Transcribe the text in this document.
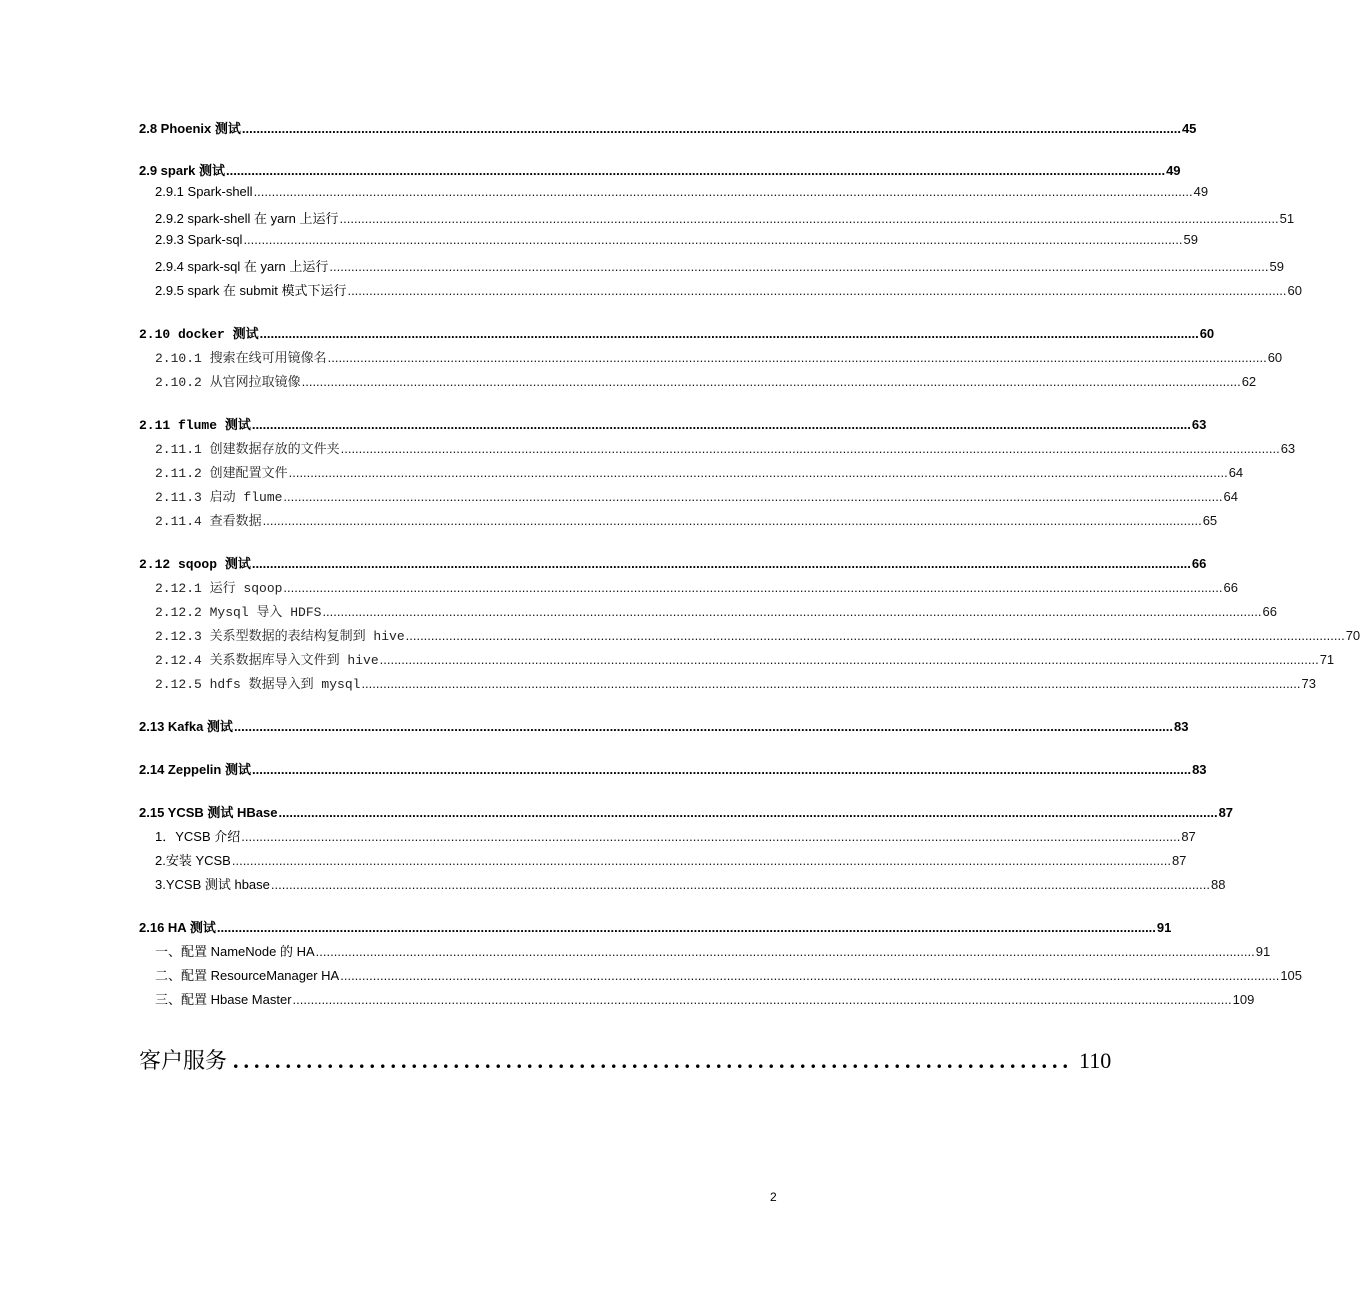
2.8 Phoenix 测试 .................................................................................................................................................................................................................................................................... 45
2.9 spark 测试 .................................................................................................................................................................................................................................................................... 49
2.9.1 Spark-shell .................................................................................................................................................................................................................................................................... 49
2.9.2 spark-shell 在 yarn 上运行 .................................................................................................................................................................................................................................................................... 51
2.9.3 Spark-sql .................................................................................................................................................................................................................................................................... 59
2.9.4 spark-sql 在 yarn 上运行 .................................................................................................................................................................................................................................................................... 59
2.9.5 spark 在 submit 模式下运行 .................................................................................................................................................................................................................................................................... 60
2.10 docker 测试 .................................................................................................................................................................................................................................................................... 60
2.10.1 搜索在线可用镜像名 .................................................................................................................................................................................................................................................................... 60
2.10.2 从官网拉取镜像 .................................................................................................................................................................................................................................................................... 62
2.11 flume 测试 .................................................................................................................................................................................................................................................................... 63
2.11.1 创建数据存放的文件夹 .................................................................................................................................................................................................................................................................... 63
2.11.2 创建配置文件 .................................................................................................................................................................................................................................................................... 64
2.11.3 启动 flume .................................................................................................................................................................................................................................................................... 64
2.11.4 查看数据 .................................................................................................................................................................................................................................................................... 65
2.12 sqoop 测试 .................................................................................................................................................................................................................................................................... 66
2.12.1 运行 sqoop .................................................................................................................................................................................................................................................................... 66
2.12.2 Mysql 导入 HDFS .................................................................................................................................................................................................................................................................... 66
2.12.3 关系型数据的表结构复制到 hive .................................................................................................................................................................................................................................................................... 70
2.12.4 关系数据库导入文件到 hive .................................................................................................................................................................................................................................................................... 71
2.12.5 hdfs 数据导入到 mysql .................................................................................................................................................................................................................................................................... 73
2.13 Kafka 测试 .................................................................................................................................................................................................................................................................... 83
2.14 Zeppelin 测试 .................................................................................................................................................................................................................................................................... 83
2.15 YCSB 测试 HBase .................................................................................................................................................................................................................................................................... 87
1．YCSB 介绍 .................................................................................................................................................................................................................................................................... 87
2.安装 YCSB .................................................................................................................................................................................................................................................................... 87
3.YCSB 测试 hbase .................................................................................................................................................................................................................................................................... 88
2.16 HA 测试 .................................................................................................................................................................................................................................................................... 91
一、配置 NameNode 的 HA .................................................................................................................................................................................................................................................................... 91
二、配置 ResourceManager HA .................................................................................................................................................................................................................................................................... 105
三、配置 Hbase Master .................................................................................................................................................................................................................................................................... 109
客户服务 ................................................................................ 110
2
